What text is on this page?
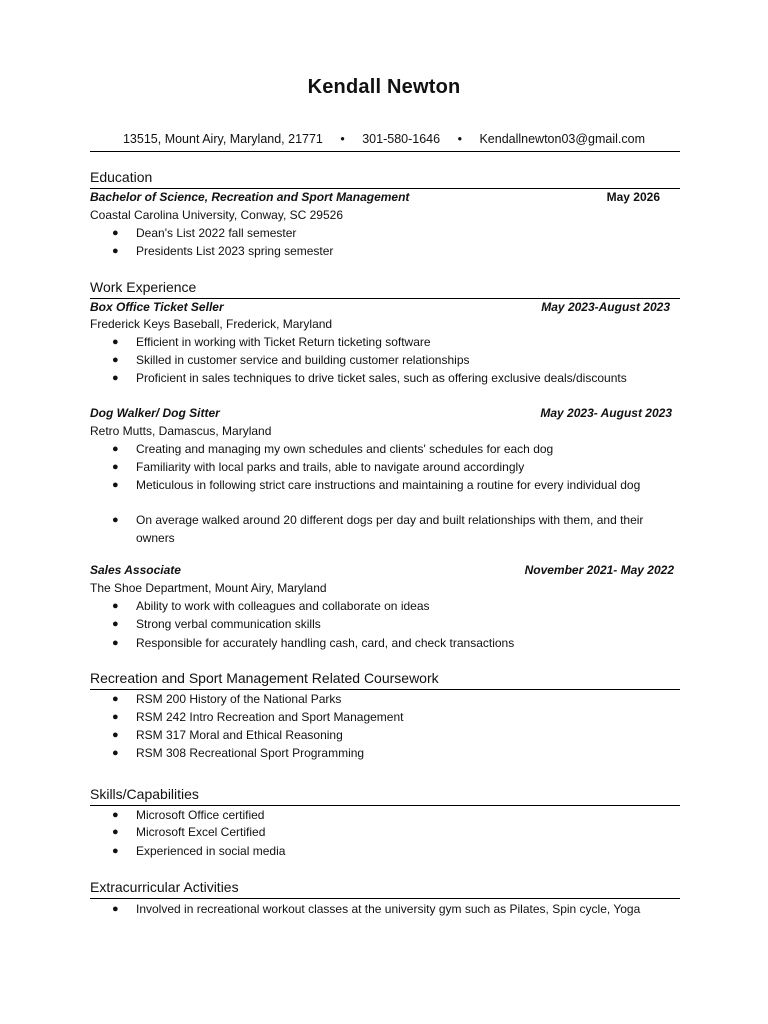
Kendall Newton
13515, Mount Airy, Maryland, 21771 • 301-580-1646 • Kendallnewton03@gmail.com
Education
Bachelor of Science, Recreation and Sport Management	May 2026
Coastal Carolina University, Conway, SC 29526
● Dean's List 2022 fall semester
● Presidents List 2023 spring semester
Work Experience
Box Office Ticket Seller	May 2023-August 2023
Frederick Keys Baseball, Frederick, Maryland
● Efficient in working with Ticket Return ticketing software
● Skilled in customer service and building customer relationships
● Proficient in sales techniques to drive ticket sales, such as offering exclusive deals/discounts
Dog Walker/ Dog Sitter	May 2023- August 2023
Retro Mutts, Damascus, Maryland
● Creating and managing my own schedules and clients' schedules for each dog
● Familiarity with local parks and trails, able to navigate around accordingly
● Meticulous in following strict care instructions and maintaining a routine for every individual dog
● On average walked around 20 different dogs per day and built relationships with them, and their owners
Sales Associate	November 2021- May 2022
The Shoe Department, Mount Airy, Maryland
● Ability to work with colleagues and collaborate on ideas
● Strong verbal communication skills
● Responsible for accurately handling cash, card, and check transactions
Recreation and Sport Management Related Coursework
● RSM 200 History of the National Parks
● RSM 242 Intro Recreation and Sport Management
● RSM 317 Moral and Ethical Reasoning
● RSM 308 Recreational Sport Programming
Skills/Capabilities
● Microsoft Office certified
● Microsoft Excel Certified
● Experienced in social media
Extracurricular Activities
● Involved in recreational workout classes at the university gym such as Pilates, Spin cycle, Yoga
